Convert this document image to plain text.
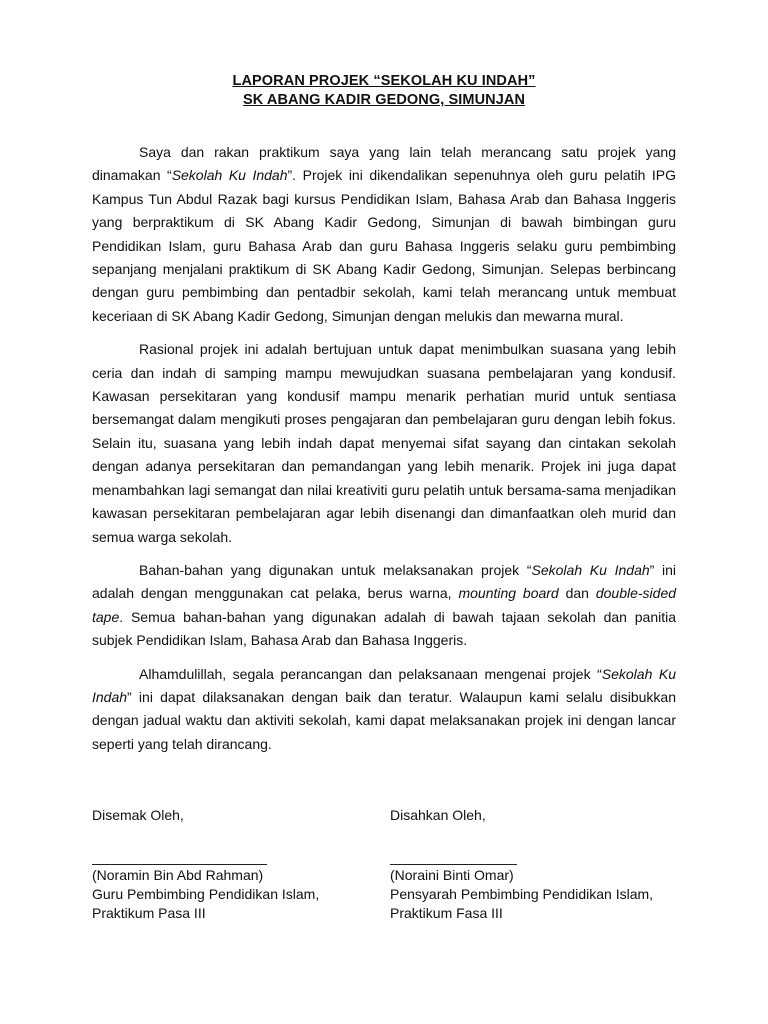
LAPORAN PROJEK “SEKOLAH KU INDAH”
SK ABANG KADIR GEDONG, SIMUNJAN

Saya dan rakan praktikum saya yang lain telah merancang satu projek yang dinamakan “Sekolah Ku Indah”. Projek ini dikendalikan sepenuhnya oleh guru pelatih IPG Kampus Tun Abdul Razak bagi kursus Pendidikan Islam, Bahasa Arab dan Bahasa Inggeris yang berpraktikum di SK Abang Kadir Gedong, Simunjan di bawah bimbingan guru Pendidikan Islam, guru Bahasa Arab dan guru Bahasa Inggeris selaku guru pembimbing sepanjang menjalani praktikum di SK Abang Kadir Gedong, Simunjan. Selepas berbincang dengan guru pembimbing dan pentadbir sekolah, kami telah merancang untuk membuat keceriaan di SK Abang Kadir Gedong, Simunjan dengan melukis dan mewarna mural.

Rasional projek ini adalah bertujuan untuk dapat menimbulkan suasana yang lebih ceria dan indah di samping mampu mewujudkan suasana pembelajaran yang kondusif. Kawasan persekitaran yang kondusif mampu menarik perhatian murid untuk sentiasa bersemangat dalam mengikuti proses pengajaran dan pembelajaran guru dengan lebih fokus. Selain itu, suasana yang lebih indah dapat menyemai sifat sayang dan cintakan sekolah dengan adanya persekitaran dan pemandangan yang lebih menarik. Projek ini juga dapat menambahkan lagi semangat dan nilai kreativiti guru pelatih untuk bersama-sama menjadikan kawasan persekitaran pembelajaran agar lebih disenangi dan dimanfaatkan oleh murid dan semua warga sekolah.

Bahan-bahan yang digunakan untuk melaksanakan projek “Sekolah Ku Indah” ini adalah dengan menggunakan cat pelaka, berus warna, mounting board dan double-sided tape. Semua bahan-bahan yang digunakan adalah di bawah tajaan sekolah dan panitia subjek Pendidikan Islam, Bahasa Arab dan Bahasa Inggeris.

Alhamdulillah, segala perancangan dan pelaksanaan mengenai projek “Sekolah Ku Indah” ini dapat dilaksanakan dengan baik dan teratur. Walaupun kami selalu disibukkan dengan jadual waktu dan aktiviti sekolah, kami dapat melaksanakan projek ini dengan lancar seperti yang telah dirancang.

Disemak Oleh,	Disahkan Oleh,
(Noramin Bin Abd Rahman)
Guru Pembimbing Pendidikan Islam,
Praktikum Pasa III
(Noraini Binti Omar)
Pensyarah Pembimbing Pendidikan Islam,
Praktikum Fasa III
